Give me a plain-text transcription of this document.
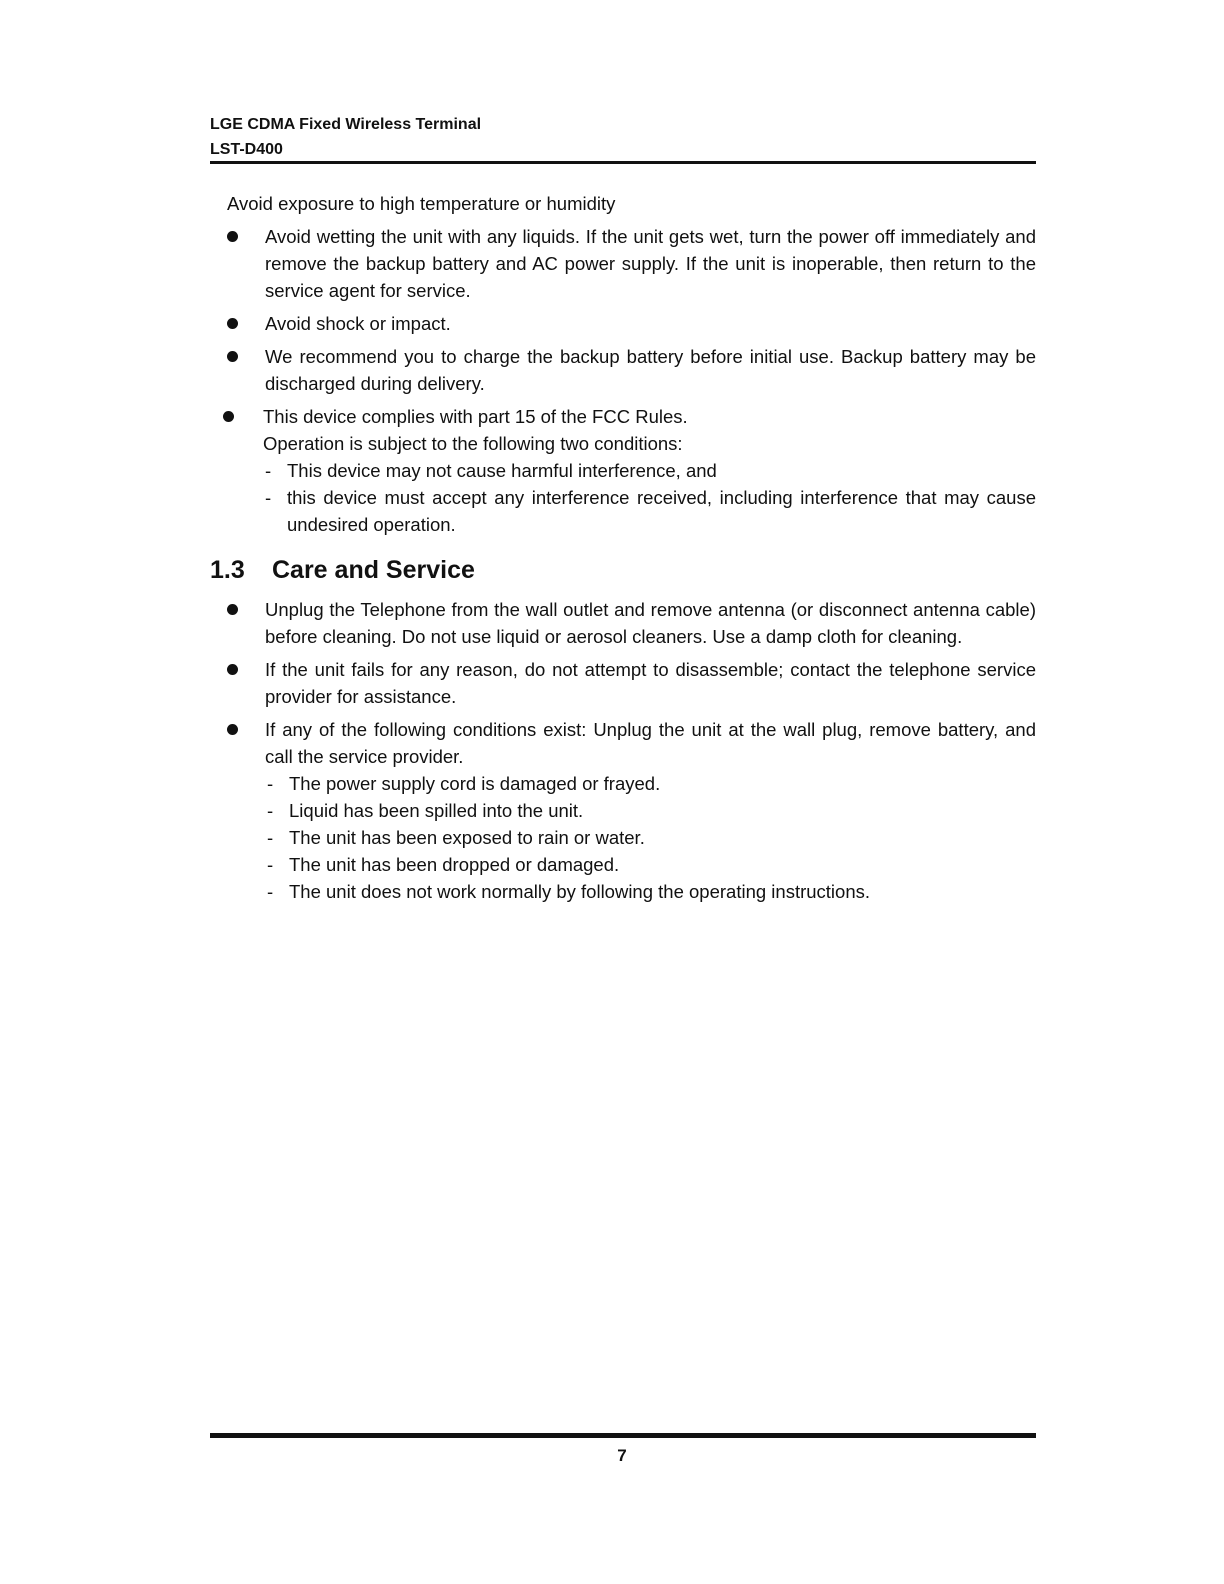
LGE CDMA Fixed Wireless Terminal
LST-D400
Avoid exposure to high temperature or humidity
Avoid wetting the unit with any liquids. If the unit gets wet, turn the power off immediately and remove the backup battery and AC power supply. If the unit is inoperable, then return to the service agent for service.
Avoid shock or impact.
We recommend you to charge the backup battery before initial use. Backup battery may be discharged during delivery.
This device complies with part 15 of the FCC Rules.
Operation is subject to the following two conditions:
- This device may not cause harmful interference, and
- this device must accept any interference received, including interference that may cause undesired operation.
1.3 Care and Service
Unplug the Telephone from the wall outlet and remove antenna (or disconnect antenna cable) before cleaning. Do not use liquid or aerosol cleaners. Use a damp cloth for cleaning.
If the unit fails for any reason, do not attempt to disassemble; contact the telephone service provider for assistance.
If any of the following conditions exist: Unplug the unit at the wall plug, remove battery, and call the service provider.
- The power supply cord is damaged or frayed.
- Liquid has been spilled into the unit.
- The unit has been exposed to rain or water.
- The unit has been dropped or damaged.
- The unit does not work normally by following the operating instructions.
7
